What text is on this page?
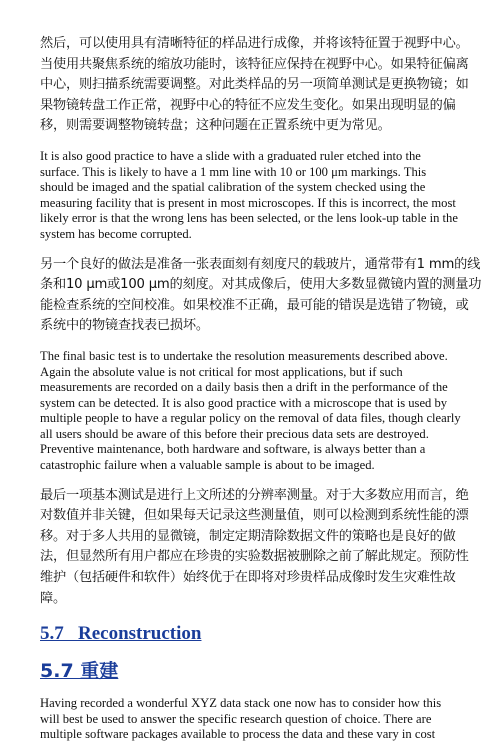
然后，可以使用具有清晰特征的样品进行成像，并将该特征置于视野中心。
当使用共聚焦系统的缩放功能时，该特征应保持在视野中心。如果特征偏离
中心，则扫描系统需要调整。对此类样品的另一项简单测试是更换物镜；如
果物镜转盘工作正常，视野中心的特征不应发生变化。如果出现明显的偏
移，则需要调整物镜转盘；这种问题在正置系统中更为常见。

It is also good practice to have a slide with a graduated ruler etched into the
surface. This is likely to have a 1 mm line with 10 or 100 μm markings. This
should be imaged and the spatial calibration of the system checked using the
measuring facility that is present in most microscopes. If this is incorrect, the most
likely error is that the wrong lens has been selected, or the lens look-up table in the
system has become corrupted.

另一个良好的做法是准备一张表面刻有刻度尺的载玻片，通常带有1 mm的线
条和10 μm或100 μm的刻度。对其成像后，使用大多数显微镜内置的测量功
能检查系统的空间校准。如果校准不正确，最可能的错误是选错了物镜，或
系统中的物镜查找表已损坏。

The final basic test is to undertake the resolution measurements described above.
Again the absolute value is not critical for most applications, but if such
measurements are recorded on a daily basis then a drift in the performance of the
system can be detected. It is also good practice with a microscope that is used by
multiple people to have a regular policy on the removal of data files, though clearly
all users should be aware of this before their precious data sets are destroyed.
Preventive maintenance, both hardware and software, is always better than a
catastrophic failure when a valuable sample is about to be imaged.

最后一项基本测试是进行上文所述的分辨率测量。对于大多数应用而言，绝
对数值并非关键，但如果每天记录这些测量值，则可以检测到系统性能的漂
移。对于多人共用的显微镜，制定定期清除数据文件的策略也是良好的做
法，但显然所有用户都应在珍贵的实验数据被删除之前了解此规定。预防性
维护（包括硬件和软件）始终优于在即将对珍贵样品成像时发生灾难性故
障。

5.7   Reconstruction
5.7 重建

Having recorded a wonderful XYZ data stack one now has to consider how this
will best be used to answer the specific research question of choice. There are
multiple software packages available to process the data and these vary in cost
